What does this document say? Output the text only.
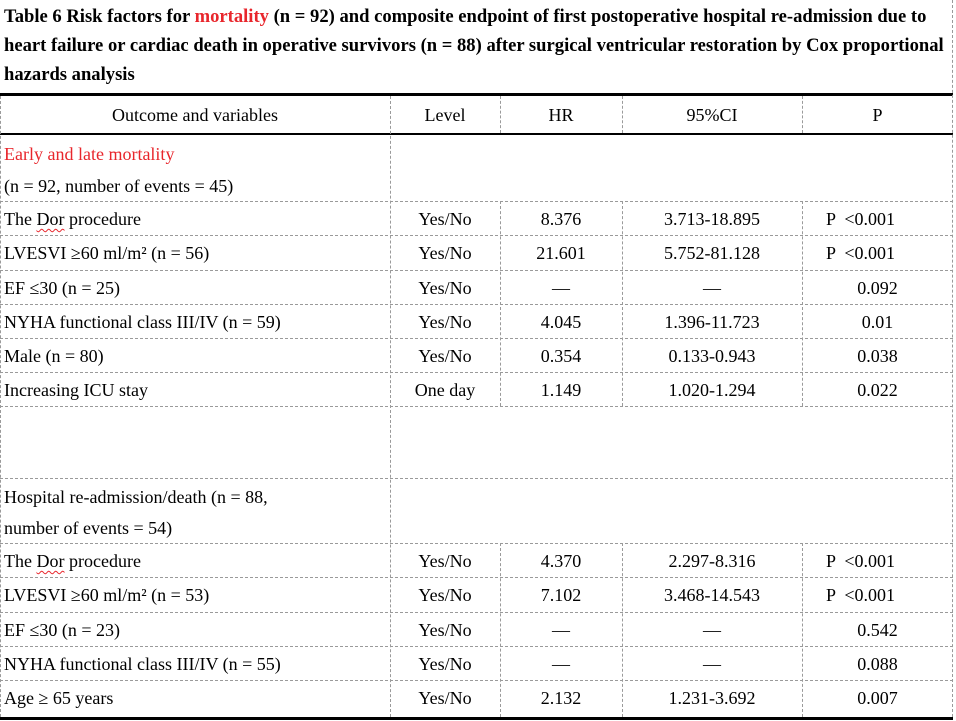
Table 6 Risk factors for mortality (n = 92) and composite endpoint of first postoperative hospital re-admission due to heart failure or cardiac death in operative survivors (n = 88) after surgical ventricular restoration by Cox proportional hazards analysis
Outcome and variables	Level	HR	95%CI	P
Early and late mortality
(n = 92, number of events = 45)
The Dor procedure	Yes/No	8.376	3.713-18.895	P  <0.001
LVESVI ≥60 ml/m² (n = 56)	Yes/No	21.601	5.752-81.128	P  <0.001
EF ≤30 (n = 25)	Yes/No	—	—	0.092
NYHA functional class III/IV (n = 59)	Yes/No	4.045	1.396-11.723	0.01
Male (n = 80)	Yes/No	0.354	0.133-0.943	0.038
Increasing ICU stay	One day	1.149	1.020-1.294	0.022
Hospital re-admission/death (n = 88,
number of events = 54)
The Dor procedure	Yes/No	4.370	2.297-8.316	P  <0.001
LVESVI ≥60 ml/m² (n = 53)	Yes/No	7.102	3.468-14.543	P  <0.001
EF ≤30 (n = 23)	Yes/No	—	—	0.542
NYHA functional class III/IV (n = 55)	Yes/No	—	—	0.088
Age ≥ 65 years	Yes/No	2.132	1.231-3.692	0.007
